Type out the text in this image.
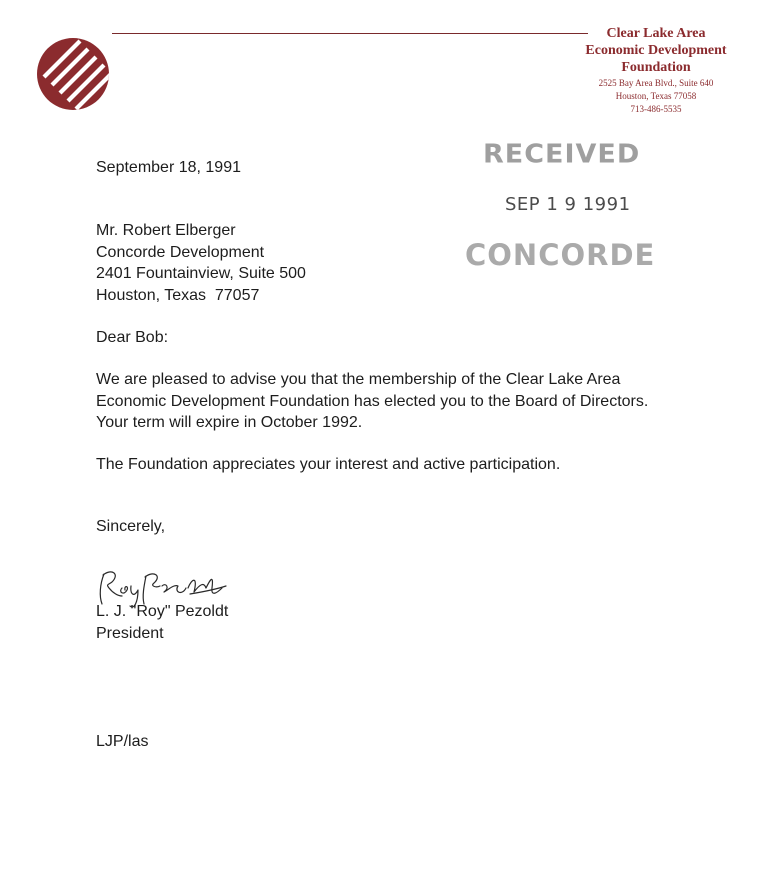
Clear Lake Area
Economic Development
Foundation
2525 Bay Area Blvd., Suite 640
Houston, Texas 77058
713-486-5535
RECEIVED
SEP 1 9 1991
CONCORDE
September 18, 1991
Mr. Robert Elberger
Concorde Development
2401 Fountainview, Suite 500
Houston, Texas  77057
Dear Bob:
We are pleased to advise you that the membership of the Clear Lake Area Economic Development Foundation has elected you to the Board of Directors.  Your term will expire in October 1992.
The Foundation appreciates your interest and active participation.
Sincerely,
L. J. "Roy" Pezoldt
President
LJP/las
